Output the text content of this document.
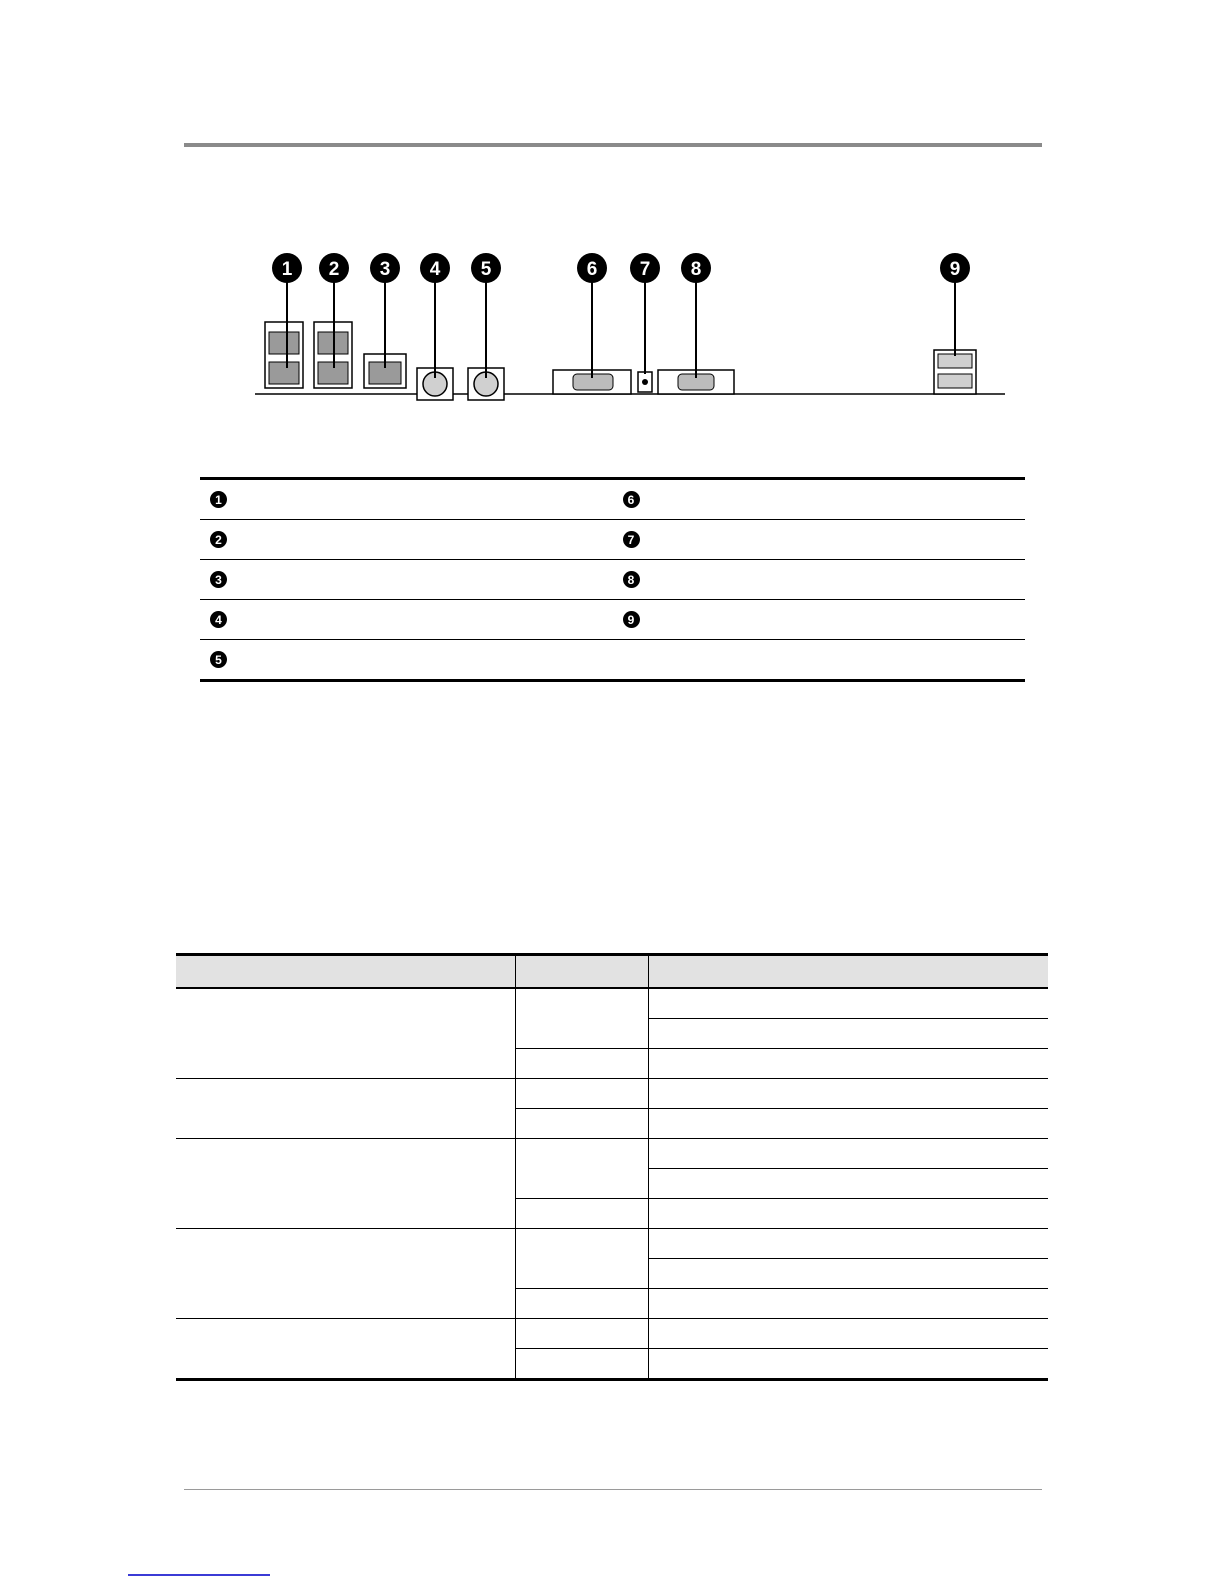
1 2 3 4 5	6 7 8	9
1	6
2	7
3	8
4	9
5
